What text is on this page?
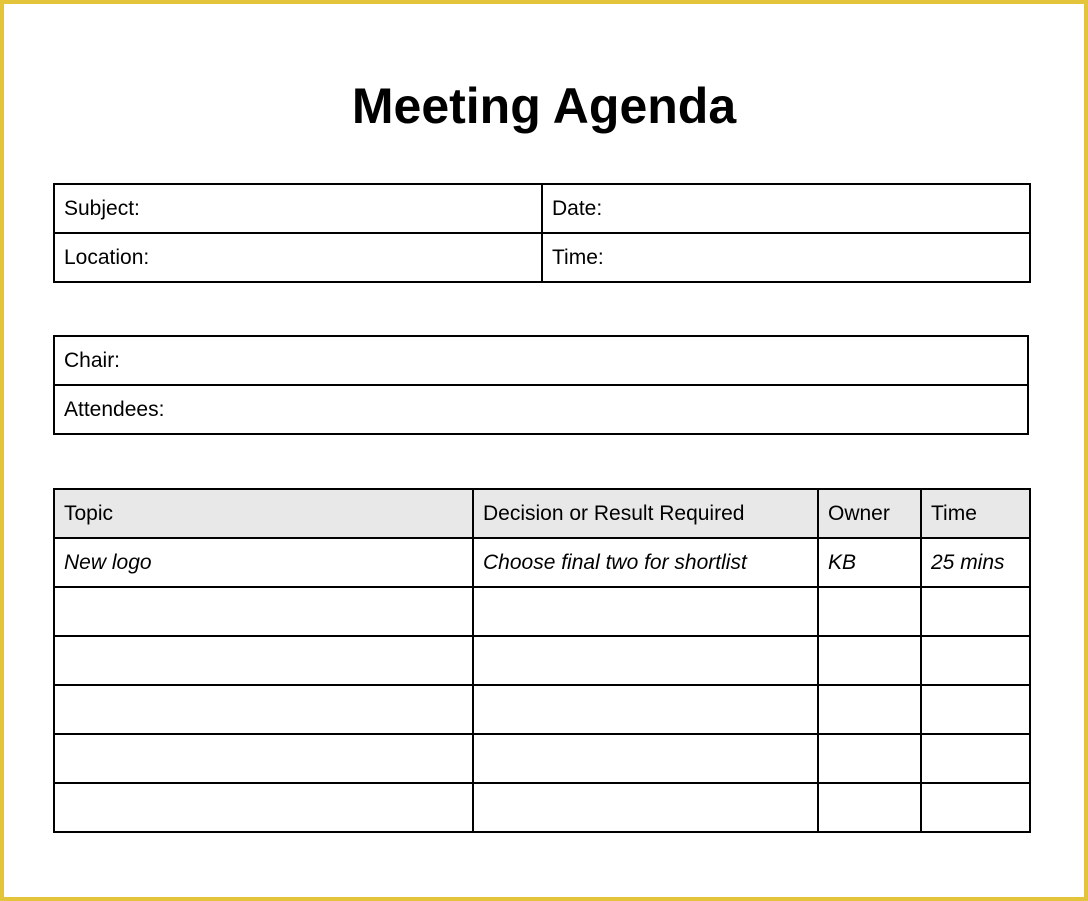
Meeting Agenda
Subject:	Date:
Location:	Time:
Chair:
Attendees:
Topic	Decision or Result Required	Owner	Time
New logo	Choose final two for shortlist	KB	25 mins
